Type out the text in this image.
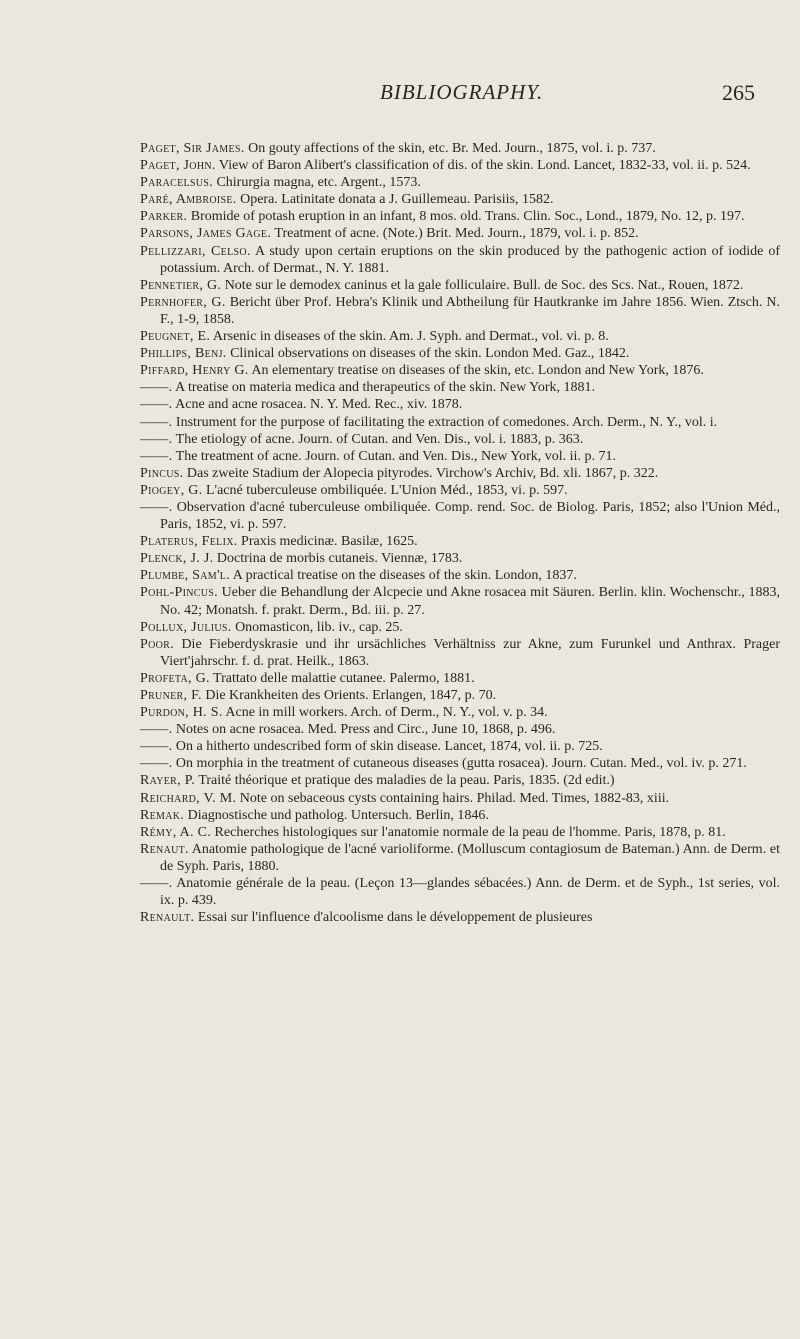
BIBLIOGRAPHY.	265

Paget, Sir James. On gouty affections of the skin, etc. Br. Med. Journ., 1875, vol. i. p. 737.

Paget, John. View of Baron Alibert's classification of dis. of the skin. Lond. Lancet, 1832-33, vol. ii. p. 524.

Paracelsus. Chirurgia magna, etc. Argent., 1573.

Paré, Ambroise. Opera. Latinitate donata a J. Guillemeau. Parisiis, 1582.

Parker. Bromide of potash eruption in an infant, 8 mos. old. Trans. Clin. Soc., Lond., 1879, No. 12, p. 197.

Parsons, James Gage. Treatment of acne. (Note.) Brit. Med. Journ., 1879, vol. i. p. 852.

Pellizzari, Celso. A study upon certain eruptions on the skin produced by the pathogenic action of iodide of potassium. Arch. of Dermat., N. Y. 1881.

Pennetier, G. Note sur le demodex caninus et la gale folliculaire. Bull. de Soc. des Scs. Nat., Rouen, 1872.

Pernhofer, G. Bericht über Prof. Hebra's Klinik und Abtheilung für Hautkranke im Jahre 1856. Wien. Ztsch. N. F., 1-9, 1858.

Peugnet, E. Arsenic in diseases of the skin. Am. J. Syph. and Dermat., vol. vi. p. 8.

Phillips, Benj. Clinical observations on diseases of the skin. London Med. Gaz., 1842.

Piffard, Henry G. An elementary treatise on diseases of the skin, etc. London and New York, 1876.

——. A treatise on materia medica and therapeutics of the skin. New York, 1881.

——. Acne and acne rosacea. N. Y. Med. Rec., xiv. 1878.

——. Instrument for the purpose of facilitating the extraction of comedones. Arch. Derm., N. Y., vol. i.

——. The etiology of acne. Journ. of Cutan. and Ven. Dis., vol. i. 1883, p. 363.

——. The treatment of acne. Journ. of Cutan. and Ven. Dis., New York, vol. ii. p. 71.

Pincus. Das zweite Stadium der Alopecia pityrodes. Virchow's Archiv, Bd. xli. 1867, p. 322.

Piogey, G. L'acné tuberculeuse ombiliquée. L'Union Méd., 1853, vi. p. 597.

——. Observation d'acné tuberculeuse ombiliquée. Comp. rend. Soc. de Biolog. Paris, 1852; also l'Union Méd., Paris, 1852, vi. p. 597.

Platerus, Felix. Praxis medicinæ. Basilæ, 1625.

Plenck, J. J. Doctrina de morbis cutaneis. Viennæ, 1783.

Plumbe, Sam'l. A practical treatise on the diseases of the skin. London, 1837.

Pohl-Pincus. Ueber die Behandlung der Alcpecie und Akne rosacea mit Säuren. Berlin. klin. Wochenschr., 1883, No. 42; Monatsh. f. prakt. Derm., Bd. iii. p. 27.

Pollux, Julius. Onomasticon, lib. iv., cap. 25.

Poor. Die Fieberdyskrasie und ihr ursächliches Verhältniss zur Akne, zum Furunkel und Anthrax. Prager Viert'jahrschr. f. d. prat. Heilk., 1863.

Profeta, G. Trattato delle malattie cutanee. Palermo, 1881.

Pruner, F. Die Krankheiten des Orients. Erlangen, 1847, p. 70.

Purdon, H. S. Acne in mill workers. Arch. of Derm., N. Y., vol. v. p. 34.

——. Notes on acne rosacea. Med. Press and Circ., June 10, 1868, p. 496.

——. On a hitherto undescribed form of skin disease. Lancet, 1874, vol. ii. p. 725.

——. On morphia in the treatment of cutaneous diseases (gutta rosacea). Journ. Cutan. Med., vol. iv. p. 271.

Rayer, P. Traité théorique et pratique des maladies de la peau. Paris, 1835. (2d edit.)

Reichard, V. M. Note on sebaceous cysts containing hairs. Philad. Med. Times, 1882-83, xiii.

Remak. Diagnostische und patholog. Untersuch. Berlin, 1846.

Rémy, A. C. Recherches histologiques sur l'anatomie normale de la peau de l'homme. Paris, 1878, p. 81.

Renaut. Anatomie pathologique de l'acné varioliforme. (Molluscum contagiosum de Bateman.) Ann. de Derm. et de Syph. Paris, 1880.

——. Anatomie générale de la peau. (Leçon 13—glandes sébacées.) Ann. de Derm. et de Syph., 1st series, vol. ix. p. 439.

Renault. Essai sur l'influence d'alcoolisme dans le développement de plusieures
